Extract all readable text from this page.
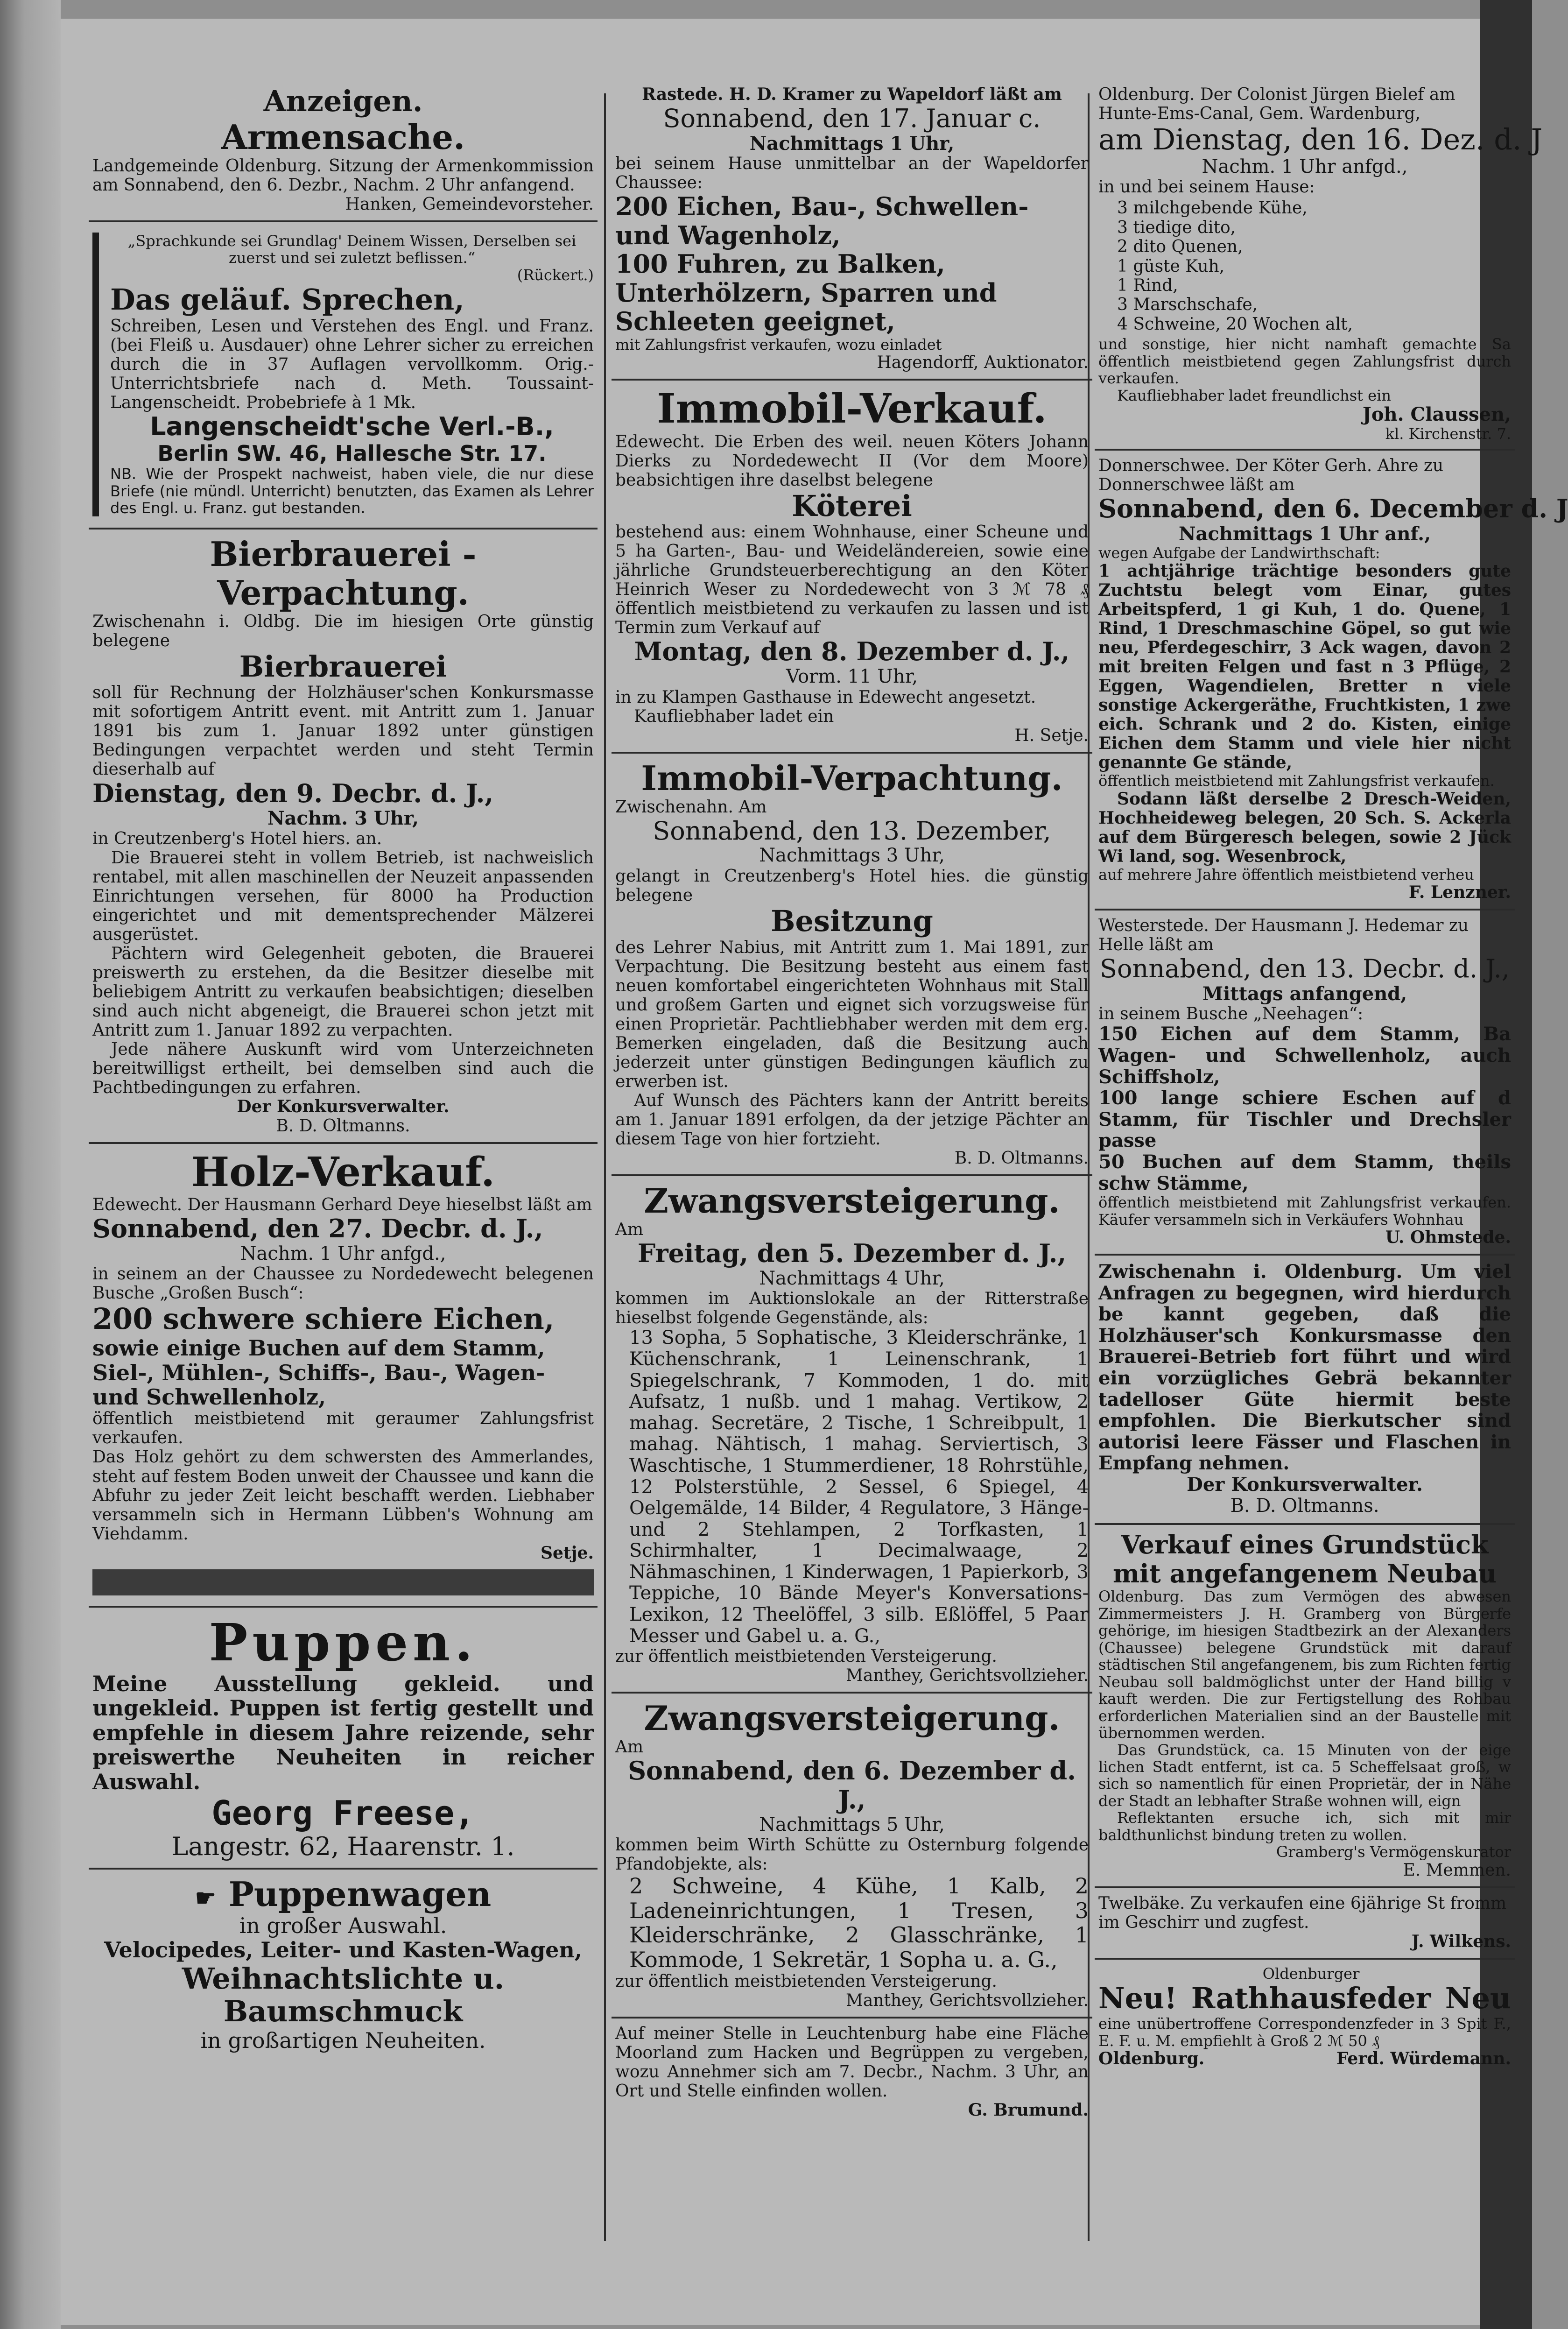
Anzeigen.

Armensache.

Landgemeinde Oldenburg. Sitzung der Armenkommission am Sonnabend, den 6. Dezbr., Nachm. 2 Uhr anfangend.

Hanken, Gemeindevorsteher.

„Sprachkunde sei Grundlag' Deinem Wissen, Derselben sei zuerst und sei zuletzt beflissen.“

(Rückert.)

Das geläuf. Sprechen,

Schreiben, Lesen und Verstehen des Engl. und Franz. (bei Fleiß u. Ausdauer) ohne Lehrer sicher zu erreichen durch die in 37 Auflagen vervollkomm. Orig.-Unterrichtsbriefe nach d. Meth. Toussaint-Langenscheidt. Probebriefe à 1 Mk.

Langenscheidt'sche Verl.-B.,

Berlin SW. 46, Hallesche Str. 17.

NB. Wie der Prospekt nachweist, haben viele, die nur diese Briefe (nie mündl. Unterricht) benutzten, das Examen als Lehrer des Engl. u. Franz. gut bestanden.

Bierbrauerei - Verpachtung.

Zwischenahn i. Oldbg. Die im hiesigen Orte günstig belegene

Bierbrauerei

soll für Rechnung der Holzhäuser'schen Konkursmasse mit sofortigem Antritt event. mit Antritt zum 1. Januar 1891 bis zum 1. Januar 1892 unter günstigen Bedingungen verpachtet werden und steht Termin dieserhalb auf

Dienstag, den 9. Decbr. d. J.,

Nachm. 3 Uhr,

in Creutzenberg's Hotel hiers. an.

Die Brauerei steht in vollem Betrieb, ist nachweislich rentabel, mit allen maschinellen der Neuzeit anpassenden Einrichtungen versehen, für 8000 ha Production eingerichtet und mit dementsprechender Mälzerei ausgerüstet.

Pächtern wird Gelegenheit geboten, die Brauerei preiswerth zu erstehen, da die Besitzer dieselbe mit beliebigem Antritt zu verkaufen beabsichtigen; dieselben sind auch nicht abgeneigt, die Brauerei schon jetzt mit Antritt zum 1. Januar 1892 zu verpachten.

Jede nähere Auskunft wird vom Unterzeichneten bereitwilligst ertheilt, bei demselben sind auch die Pachtbedingungen zu erfahren.

Der Konkursverwalter.

B. D. Oltmanns.

Holz-Verkauf.

Edewecht. Der Hausmann Gerhard Deye hieselbst läßt am

Sonnabend, den 27. Decbr. d. J.,

Nachm. 1 Uhr anfgd.,

in seinem an der Chaussee zu Nordedewecht belegenen Busche „Großen Busch“:

200 schwere schiere Eichen,

sowie einige Buchen auf dem Stamm, Siel-, Mühlen-, Schiffs-, Bau-, Wagen- und Schwellenholz,

öffentlich meistbietend mit geraumer Zahlungsfrist verkaufen.

Das Holz gehört zu dem schwersten des Ammerlandes, steht auf festem Boden unweit der Chaussee und kann die Abfuhr zu jeder Zeit leicht beschafft werden. Liebhaber versammeln sich in Hermann Lübben's Wohnung am Viehdamm.

Setje.

Puppen.

Meine Ausstellung gekleid. und ungekleid. Puppen ist fertig gestellt und empfehle in diesem Jahre reizende, sehr preiswerthe Neuheiten in reicher Auswahl.

Georg Freese,

Langestr. 62, Haarenstr. 1.

☛ Puppenwagen

in großer Auswahl.

Velocipedes, Leiter- und Kasten-Wagen,

Weihnachtslichte u. Baumschmuck

in großartigen Neuheiten.

Rastede. H. D. Kramer zu Wapeldorf läßt am

Sonnabend, den 17. Januar c.

Nachmittags 1 Uhr,

bei seinem Hause unmittelbar an der Wapeldorfer Chaussee:

200 Eichen, Bau-, Schwellen- und Wagenholz,

100 Fuhren, zu Balken, Unterhölzern, Sparren und Schleeten geeignet,

mit Zahlungsfrist verkaufen, wozu einladet

Hagendorff, Auktionator.

Immobil-Verkauf.

Edewecht. Die Erben des weil. neuen Köters Johann Dierks zu Nordedewecht II (Vor dem Moore) beabsichtigen ihre daselbst belegene

Köterei

bestehend aus: einem Wohnhause, einer Scheune und 5 ha Garten-, Bau- und Weideländereien, sowie eine jährliche Grundsteuerberechtigung an den Köter Heinrich Weser zu Nordedewecht von 3 ℳ 78 ₰ öffentlich meistbietend zu verkaufen zu lassen und ist Termin zum Verkauf auf

Montag, den 8. Dezember d. J.,

Vorm. 11 Uhr,

in zu Klampen Gasthause in Edewecht angesetzt.

Kaufliebhaber ladet ein

H. Setje.

Immobil-Verpachtung.

Zwischenahn. Am

Sonnabend, den 13. Dezember,

Nachmittags 3 Uhr,

gelangt in Creutzenberg's Hotel hies. die günstig belegene

Besitzung

des Lehrer Nabius, mit Antritt zum 1. Mai 1891, zur Verpachtung. Die Besitzung besteht aus einem fast neuen komfortabel eingerichteten Wohnhaus mit Stall und großem Garten und eignet sich vorzugsweise für einen Proprietär. Pachtliebhaber werden mit dem erg. Bemerken eingeladen, daß die Besitzung auch jederzeit unter günstigen Bedingungen käuflich zu erwerben ist.

Auf Wunsch des Pächters kann der Antritt bereits am 1. Januar 1891 erfolgen, da der jetzige Pächter an diesem Tage von hier fortzieht.

B. D. Oltmanns.

Zwangsversteigerung.

Am

Freitag, den 5. Dezember d. J.,

Nachmittags 4 Uhr,

kommen im Auktionslokale an der Ritterstraße hieselbst folgende Gegenstände, als:

13 Sopha, 5 Sophatische, 3 Kleiderschränke, 1 Küchenschrank, 1 Leinenschrank, 1 Spiegelschrank, 7 Kommoden, 1 do. mit Aufsatz, 1 nußb. und 1 mahag. Vertikow, 2 mahag. Secretäre, 2 Tische, 1 Schreibpult, 1 mahag. Nähtisch, 1 mahag. Serviertisch, 3 Waschtische, 1 Stummerdiener, 18 Rohrstühle, 12 Polsterstühle, 2 Sessel, 6 Spiegel, 4 Oelgemälde, 14 Bilder, 4 Regulatore, 3 Hänge- und 2 Stehlampen, 2 Torfkasten, 1 Schirmhalter, 1 Decimalwaage, 2 Nähmaschinen, 1 Kinderwagen, 1 Papierkorb, 3 Teppiche, 10 Bände Meyer's Konversations-Lexikon, 12 Theelöffel, 3 silb. Eßlöffel, 5 Paar Messer und Gabel u. a. G.,

zur öffentlich meistbietenden Versteigerung.

Manthey, Gerichtsvollzieher.

Zwangsversteigerung.

Am

Sonnabend, den 6. Dezember d. J.,

Nachmittags 5 Uhr,

kommen beim Wirth Schütte zu Osternburg folgende Pfandobjekte, als:

2 Schweine, 4 Kühe, 1 Kalb, 2 Ladeneinrichtungen, 1 Tresen, 3 Kleiderschränke, 2 Glasschränke, 1 Kommode, 1 Sekretär, 1 Sopha u. a. G.,

zur öffentlich meistbietenden Versteigerung.

Manthey, Gerichtsvollzieher.

Auf meiner Stelle in Leuchtenburg habe eine Fläche Moorland zum Hacken und Begrüppen zu vergeben, wozu Annehmer sich am 7. Decbr., Nachm. 3 Uhr, an Ort und Stelle einfinden wollen.

G. Brumund.

Oldenburg. Der Colonist Jürgen Bielef am Hunte-Ems-Canal, Gem. Wardenburg,

am Dienstag, den 16. Dez. d. J

Nachm. 1 Uhr anfgd.,

in und bei seinem Hause:

3 milchgebende Kühe,
3 tiedige dito,
2 dito Quenen,
1 güste Kuh,
1 Rind,
3 Marschschafe,
4 Schweine, 20 Wochen alt,

und sonstige, hier nicht namhaft gemachte Sa öffentlich meistbietend gegen Zahlungsfrist durch verkaufen.

Kaufliebhaber ladet freundlichst ein

Joh. Claussen,

kl. Kirchenstr. 7.

Donnerschwee. Der Köter Gerh. Ahre zu Donnerschwee läßt am

Sonnabend, den 6. December d. J

Nachmittags 1 Uhr anf.,

wegen Aufgabe der Landwirthschaft:

1 achtjährige trächtige besonders gute Zuchtstu belegt vom Einar, gutes Arbeitspferd, 1 gi Kuh, 1 do. Quene, 1 Rind, 1 Dreschmaschine Göpel, so gut wie neu, Pferdegeschirr, 3 Ack wagen, davon 2 mit breiten Felgen und fast n 3 Pflüge, 2 Eggen, Wagendielen, Bretter n viele sonstige Ackergeräthe, Fruchtkisten, 1 zwe eich. Schrank und 2 do. Kisten, einige Eichen dem Stamm und viele hier nicht genannte Ge stände,

öffentlich meistbietend mit Zahlungsfrist verkaufen.

Sodann läßt derselbe 2 Dresch-Weiden, Hochheideweg belegen, 20 Sch. S. Ackerla auf dem Bürgeresch belegen, sowie 2 Jück Wi land, sog. Wesenbrock,

auf mehrere Jahre öffentlich meistbietend verheu

F. Lenzner.

Westerstede. Der Hausmann J. Hedemar zu Helle läßt am

Sonnabend, den 13. Decbr. d. J.,

Mittags anfangend,

in seinem Busche „Neehagen“:

150 Eichen auf dem Stamm, Ba Wagen- und Schwellenholz, auch Schiffsholz,

100 lange schiere Eschen auf d Stamm, für Tischler und Drechsler passe

50 Buchen auf dem Stamm, theils schw Stämme,

öffentlich meistbietend mit Zahlungsfrist verkaufen. Käufer versammeln sich in Verkäufers Wohnhau

U. Ohmstede.

Zwischenahn i. Oldenburg. Um viel Anfragen zu begegnen, wird hierdurch be kannt gegeben, daß die Holzhäuser'sch Konkursmasse den Brauerei-Betrieb fort führt und wird ein vorzügliches Gebrä bekannter tadelloser Güte hiermit beste empfohlen. Die Bierkutscher sind autorisi leere Fässer und Flaschen in Empfang nehmen.

Der Konkursverwalter.

B. D. Oltmanns.

Verkauf eines Grundstück

mit angefangenem Neubau

Oldenburg. Das zum Vermögen des abwesen Zimmermeisters J. H. Gramberg von Bürgerfe gehörige, im hiesigen Stadtbezirk an der Alexanders (Chaussee) belegene Grundstück mit darauf städtischen Stil angefangenem, bis zum Richten fertig Neubau soll baldmöglichst unter der Hand billig v kauft werden. Die zur Fertigstellung des Rohbau erforderlichen Materialien sind an der Baustelle mit übernommen werden.

Das Grundstück, ca. 15 Minuten von der eige lichen Stadt entfernt, ist ca. 5 Scheffelsaat groß, w sich so namentlich für einen Proprietär, der in Nähe der Stadt an lebhafter Straße wohnen will, eign

Reflektanten ersuche ich, sich mit mir baldthunlichst bindung treten zu wollen.

Gramberg's Vermögenskurator

E. Memmen.

Twelbäke. Zu verkaufen eine 6jährige St fromm im Geschirr und zugfest.

J. Wilkens.

Neu!
Oldenburger
Rathhausfeder Neu

eine unübertroffene Correspondenzfeder in 3 Spit F., E. F. u. M. empfiehlt à Groß 2 ℳ 50 ₰

Oldenburg.	Ferd. Würdemann.
